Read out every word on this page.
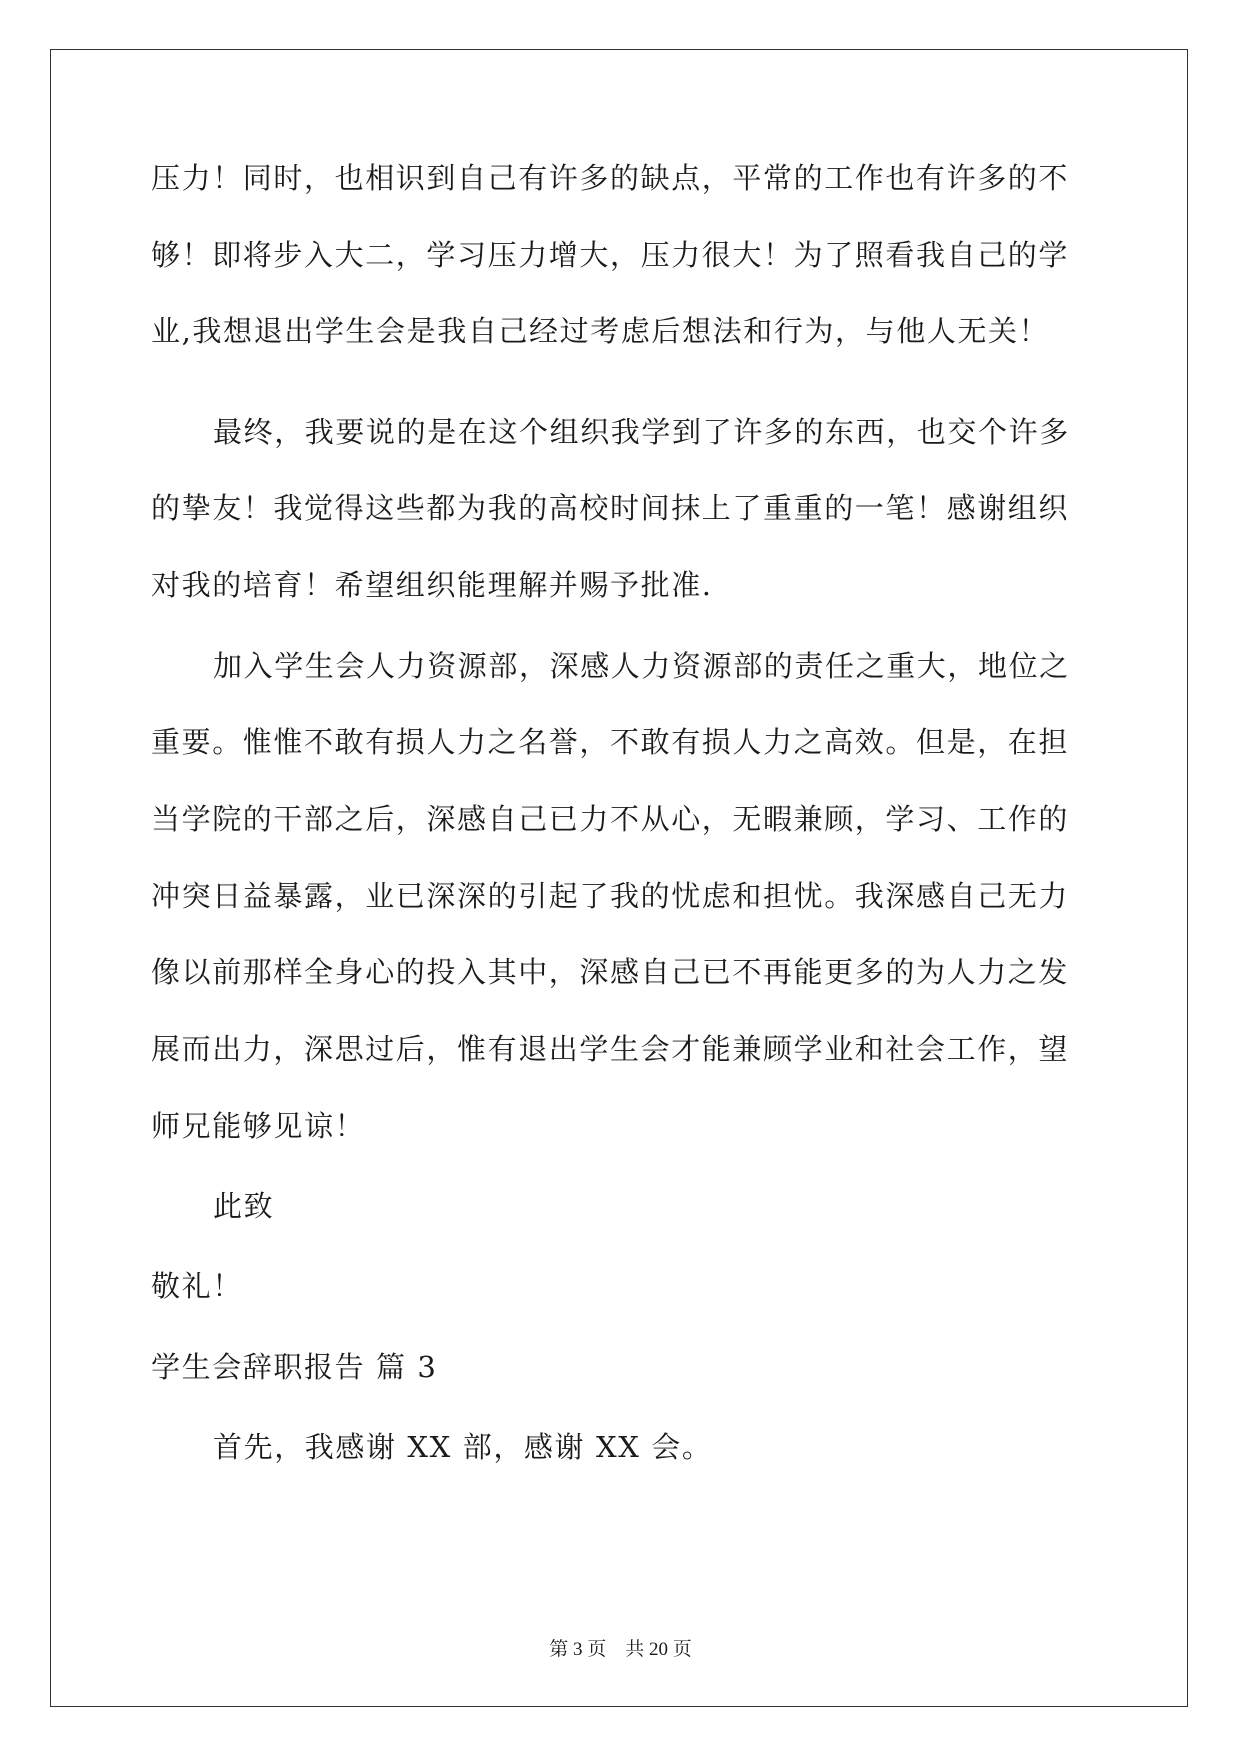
压力！同时，也相识到自己有许多的缺点，平常的工作也有许多的不
够！即将步入大二，学习压力增大，压力很大！为了照看我自己的学
业,我想退出学生会是我自己经过考虑后想法和行为，与他人无关！
最终，我要说的是在这个组织我学到了许多的东西，也交个许多
的挚友！我觉得这些都为我的高校时间抹上了重重的一笔！感谢组织
对我的培育！希望组织能理解并赐予批准.
加入学生会人力资源部，深感人力资源部的责任之重大，地位之
重要。惟惟不敢有损人力之名誉，不敢有损人力之高效。但是，在担
当学院的干部之后，深感自己已力不从心，无暇兼顾，学习、工作的
冲突日益暴露，业已深深的引起了我的忧虑和担忧。我深感自己无力
像以前那样全身心的投入其中，深感自己已不再能更多的为人力之发
展而出力，深思过后，惟有退出学生会才能兼顾学业和社会工作，望
师兄能够见谅！
此致
敬礼！
学生会辞职报告 篇 3
首先，我感谢 XX 部，感谢 XX 会。
第 3 页　共 20 页
